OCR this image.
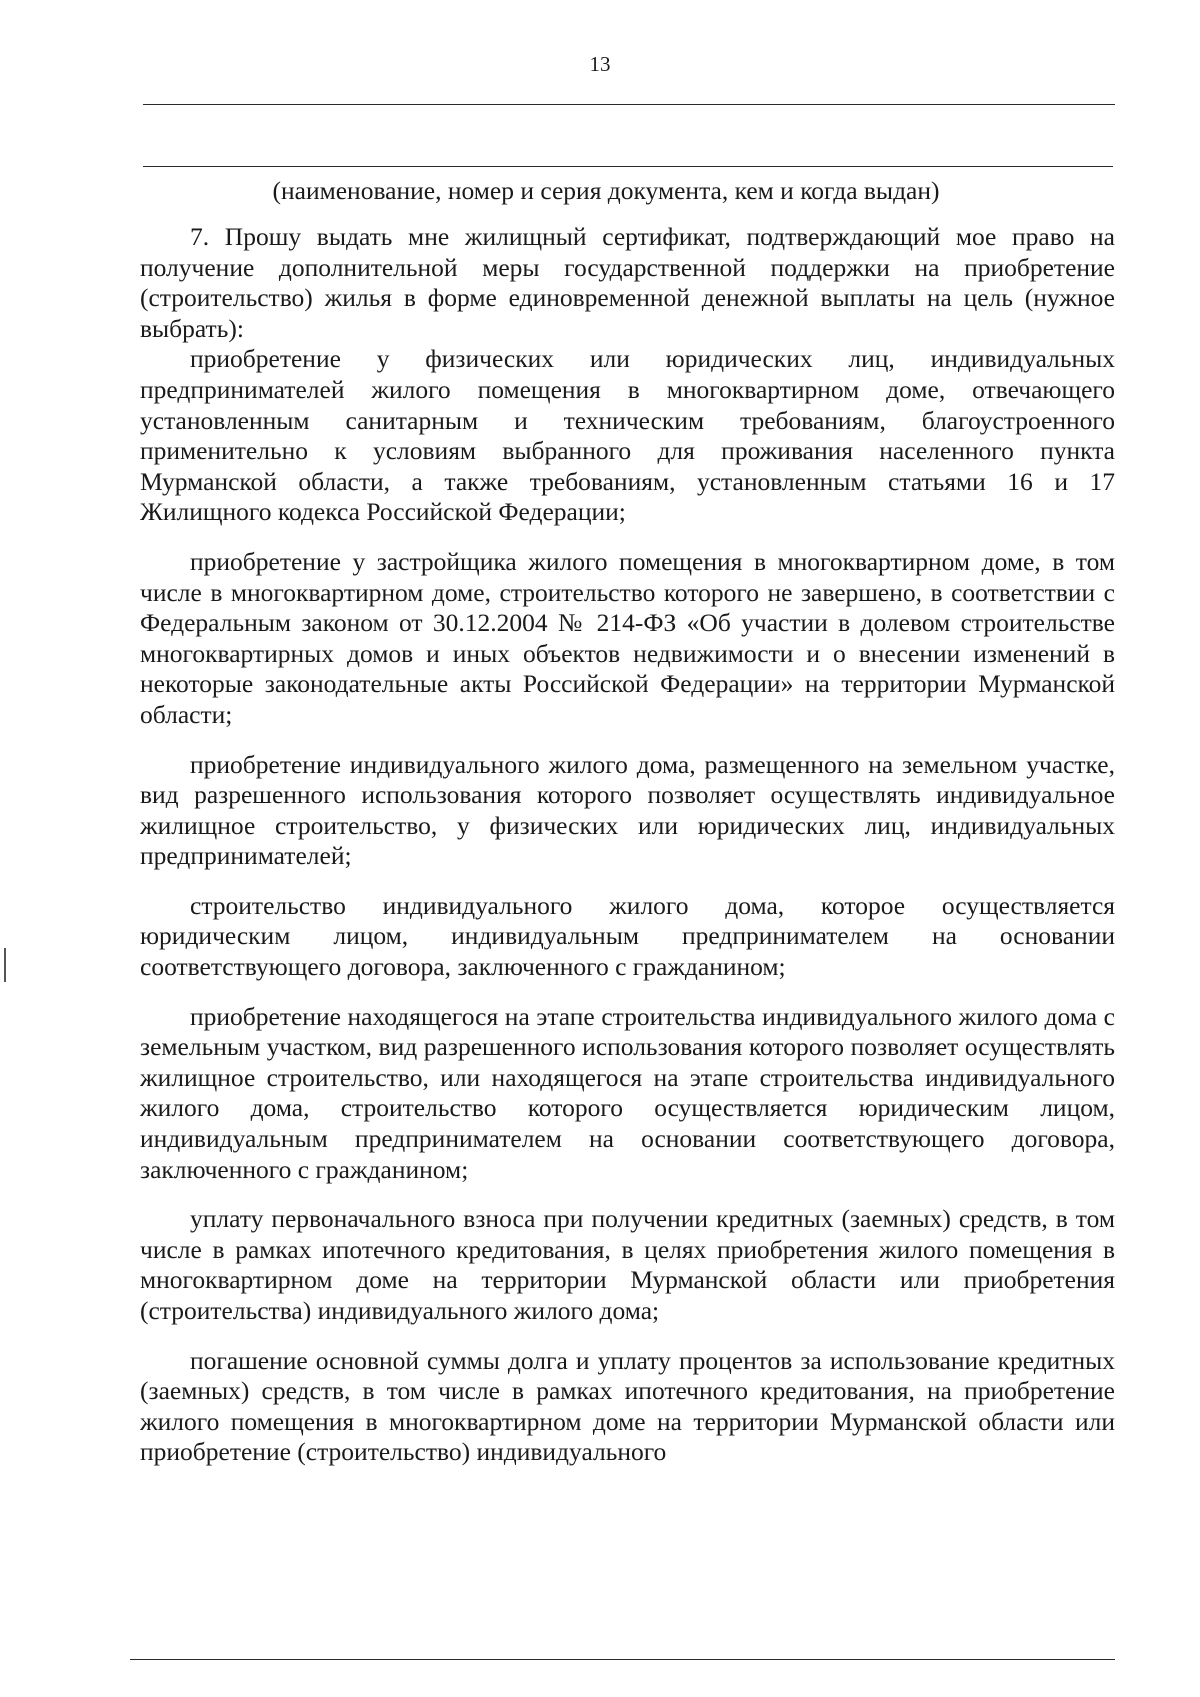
13
(наименование, номер и серия документа, кем и когда выдан)

7. Прошу выдать мне жилищный сертификат, подтверждающий мое право на получение дополнительной меры государственной поддержки на приобретение (строительство) жилья в форме единовременной денежной выплаты на цель (нужное выбрать):

приобретение у физических или юридических лиц, индивидуальных предпринимателей жилого помещения в многоквартирном доме, отвечающего установленным санитарным и техническим требованиям, благоустроенного применительно к условиям выбранного для проживания населенного пункта Мурманской области, а также требованиям, установленным статьями 16 и 17 Жилищного кодекса Российской Федерации;

приобретение у застройщика жилого помещения в многоквартирном доме, в том числе в многоквартирном доме, строительство которого не завершено, в соответствии с Федеральным законом от 30.12.2004 № 214-ФЗ «Об участии в долевом строительстве многоквартирных домов и иных объектов недвижимости и о внесении изменений в некоторые законодательные акты Российской Федерации» на территории Мурманской области;

приобретение индивидуального жилого дома, размещенного на земельном участке, вид разрешенного использования которого позволяет осуществлять индивидуальное жилищное строительство, у физических или юридических лиц, индивидуальных предпринимателей;

строительство индивидуального жилого дома, которое осуществляется юридическим лицом, индивидуальным предпринимателем на основании соответствующего договора, заключенного с гражданином;

приобретение находящегося на этапе строительства индивидуального жилого дома с земельным участком, вид разрешенного использования которого позволяет осуществлять жилищное строительство, или находящегося на этапе строительства индивидуального жилого дома, строительство которого осуществляется юридическим лицом, индивидуальным предпринимателем на основании соответствующего договора, заключенного с гражданином;

уплату первоначального взноса при получении кредитных (заемных) средств, в том числе в рамках ипотечного кредитования, в целях приобретения жилого помещения в многоквартирном доме на территории Мурманской области или приобретения (строительства) индивидуального жилого дома;

погашение основной суммы долга и уплату процентов за использование кредитных (заемных) средств, в том числе в рамках ипотечного кредитования, на приобретение жилого помещения в многоквартирном доме на территории Мурманской области или приобретение (строительство) индивидуального
